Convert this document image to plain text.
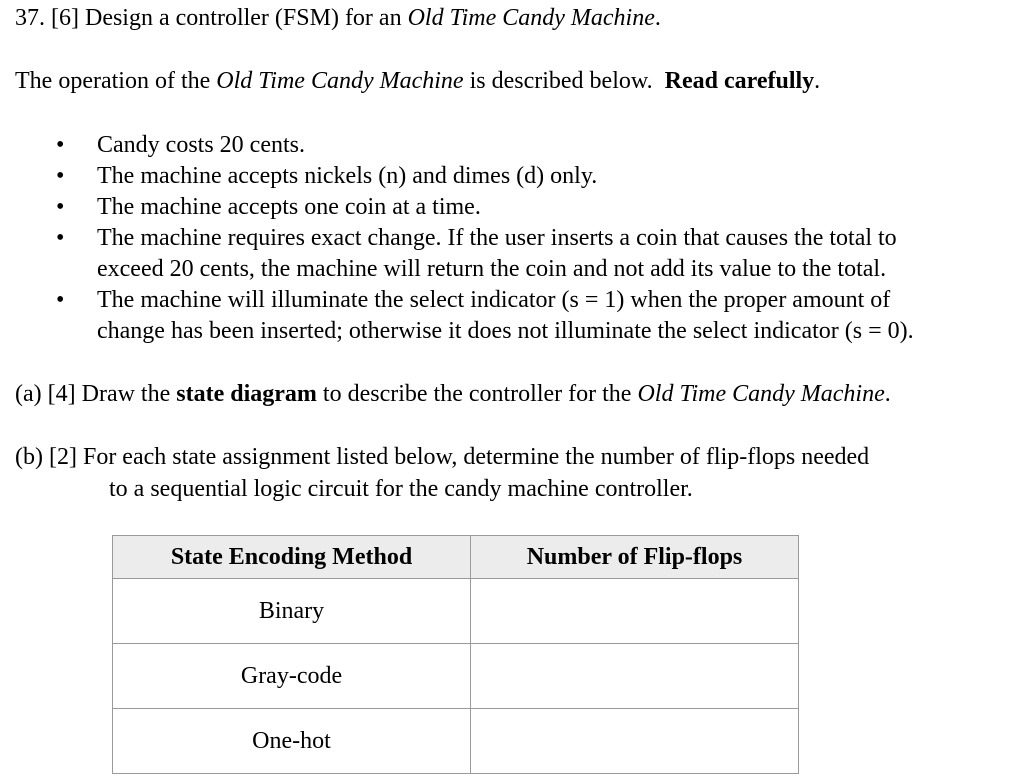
37. [6] Design a controller (FSM) for an Old Time Candy Machine.
The operation of the Old Time Candy Machine is described below. Read carefully.
• Candy costs 20 cents.
• The machine accepts nickels (n) and dimes (d) only.
• The machine accepts one coin at a time.
• The machine requires exact change. If the user inserts a coin that causes the total to
exceed 20 cents, the machine will return the coin and not add its value to the total.
• The machine will illuminate the select indicator (s = 1) when the proper amount of
change has been inserted; otherwise it does not illuminate the select indicator (s = 0).
(a) [4] Draw the state diagram to describe the controller for the Old Time Candy Machine.
(b) [2] For each state assignment listed below, determine the number of flip-flops needed
to a sequential logic circuit for the candy machine controller.
State Encoding Method	Number of Flip-flops
Binary	
Gray-code	
One-hot	
